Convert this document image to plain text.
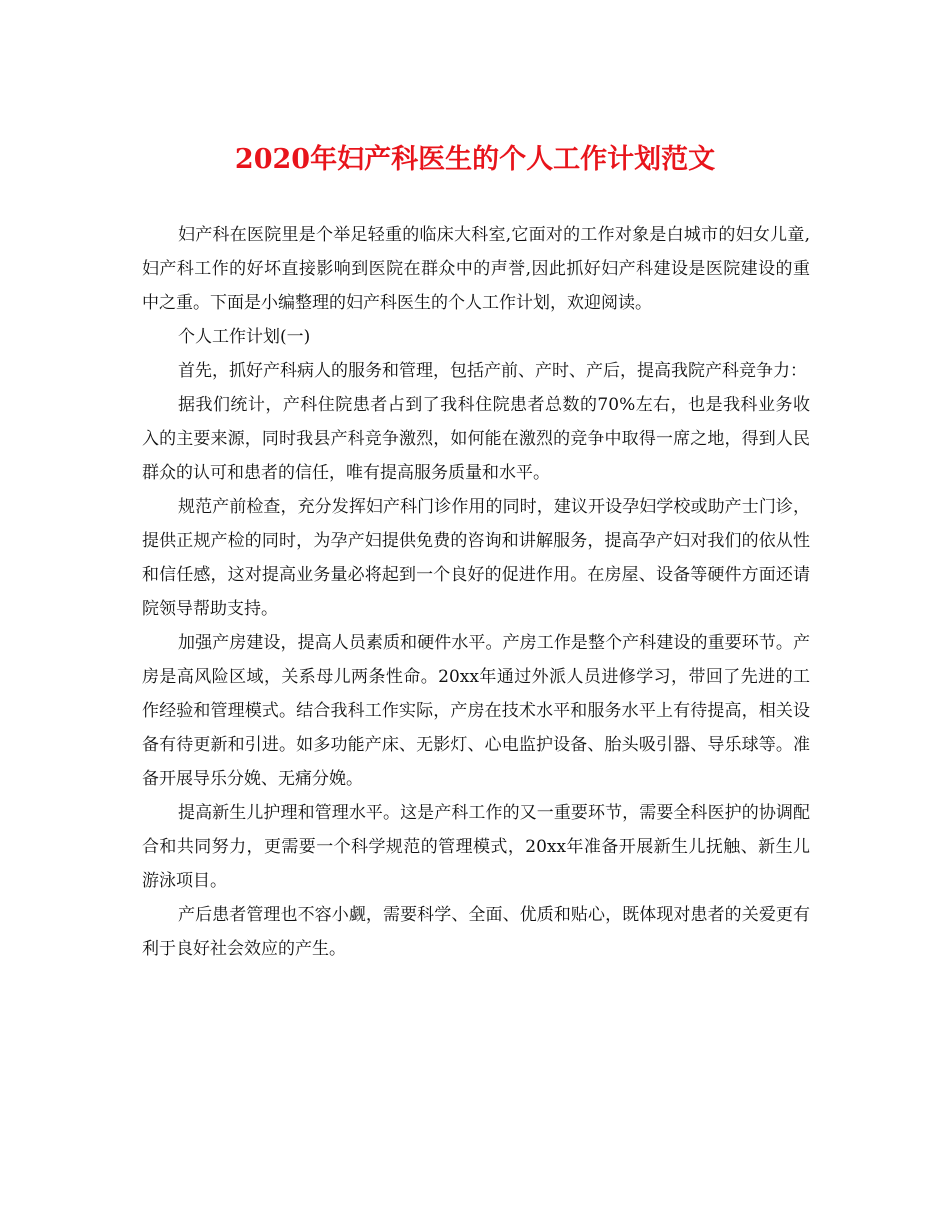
2020年妇产科医生的个人工作计划范文

妇产科在医院里是个举足轻重的临床大科室,它面对的工作对象是白城市的妇女儿童,妇产科工作的好坏直接影响到医院在群众中的声誉,因此抓好妇产科建设是医院建设的重中之重。下面是小编整理的妇产科医生的个人工作计划，欢迎阅读。

个人工作计划(一)

首先，抓好产科病人的服务和管理，包括产前、产时、产后，提高我院产科竞争力：

据我们统计，产科住院患者占到了我科住院患者总数的70%左右，也是我科业务收入的主要来源，同时我县产科竞争激烈，如何能在激烈的竞争中取得一席之地，得到人民群众的认可和患者的信任，唯有提高服务质量和水平。

规范产前检查，充分发挥妇产科门诊作用的同时，建议开设孕妇学校或助产士门诊，提供正规产检的同时，为孕产妇提供免费的咨询和讲解服务，提高孕产妇对我们的依从性和信任感，这对提高业务量必将起到一个良好的促进作用。在房屋、设备等硬件方面还请院领导帮助支持。

加强产房建设，提高人员素质和硬件水平。产房工作是整个产科建设的重要环节。产房是高风险区域，关系母儿两条性命。20xx年通过外派人员进修学习，带回了先进的工作经验和管理模式。结合我科工作实际，产房在技术水平和服务水平上有待提高，相关设备有待更新和引进。如多功能产床、无影灯、心电监护设备、胎头吸引器、导乐球等。准备开展导乐分娩、无痛分娩。

提高新生儿护理和管理水平。这是产科工作的又一重要环节，需要全科医护的协调配合和共同努力，更需要一个科学规范的管理模式，20xx年准备开展新生儿抚触、新生儿游泳项目。

产后患者管理也不容小觑，需要科学、全面、优质和贴心，既体现对患者的关爱更有利于良好社会效应的产生。
